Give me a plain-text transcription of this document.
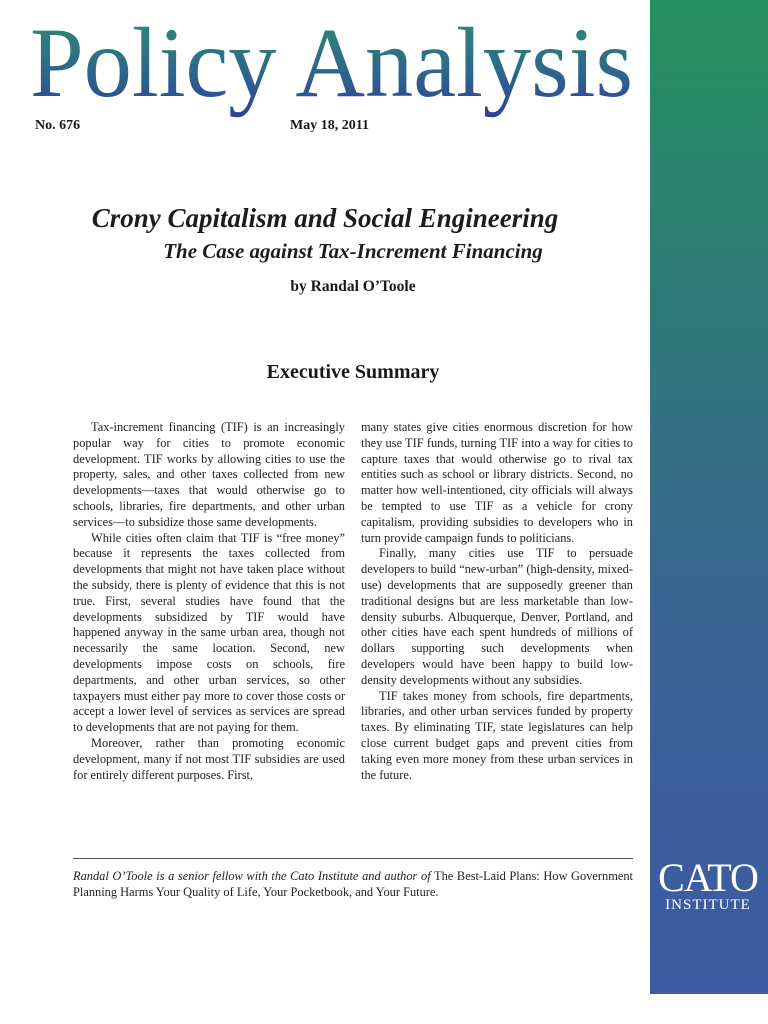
Policy Analysis
No. 676	May 18, 2011
Crony Capitalism and Social Engineering
The Case against Tax-Increment Financing
by Randal O’Toole
Executive Summary

Tax-increment financing (TIF) is an increasingly popular way for cities to promote economic development. TIF works by allowing cities to use the property, sales, and other taxes collected from new developments—taxes that would otherwise go to schools, libraries, fire departments, and other urban services—to subsidize those same developments.

While cities often claim that TIF is “free money” because it represents the taxes collected from developments that might not have taken place without the subsidy, there is plenty of evidence that this is not true. First, several studies have found that the developments subsidized by TIF would have happened anyway in the same urban area, though not necessarily the same location. Second, new developments impose costs on schools, fire departments, and other urban services, so other taxpayers must either pay more to cover those costs or accept a lower level of services as services are spread to developments that are not paying for them.

Moreover, rather than promoting economic development, many if not most TIF subsidies are used for entirely different purposes. First,

many states give cities enormous discretion for how they use TIF funds, turning TIF into a way for cities to capture taxes that would otherwise go to rival tax entities such as school or library districts. Second, no matter how well-intentioned, city officials will always be tempted to use TIF as a vehicle for crony capitalism, providing subsidies to developers who in turn provide campaign funds to politicians.

Finally, many cities use TIF to persuade developers to build “new-urban” (high-density, mixed-use) developments that are supposedly greener than traditional designs but are less marketable than low-density suburbs. Albuquerque, Denver, Portland, and other cities have each spent hundreds of millions of dollars supporting such developments when developers would have been happy to build low-density developments without any subsidies.

TIF takes money from schools, fire departments, libraries, and other urban services funded by property taxes. By eliminating TIF, state legislatures can help close current budget gaps and prevent cities from taking even more money from these urban services in the future.

Randal O’Toole is a senior fellow with the Cato Institute and author of The Best-Laid Plans: How Government Planning Harms Your Quality of Life, Your Pocketbook, and Your Future.	CATO
INSTITUTE
